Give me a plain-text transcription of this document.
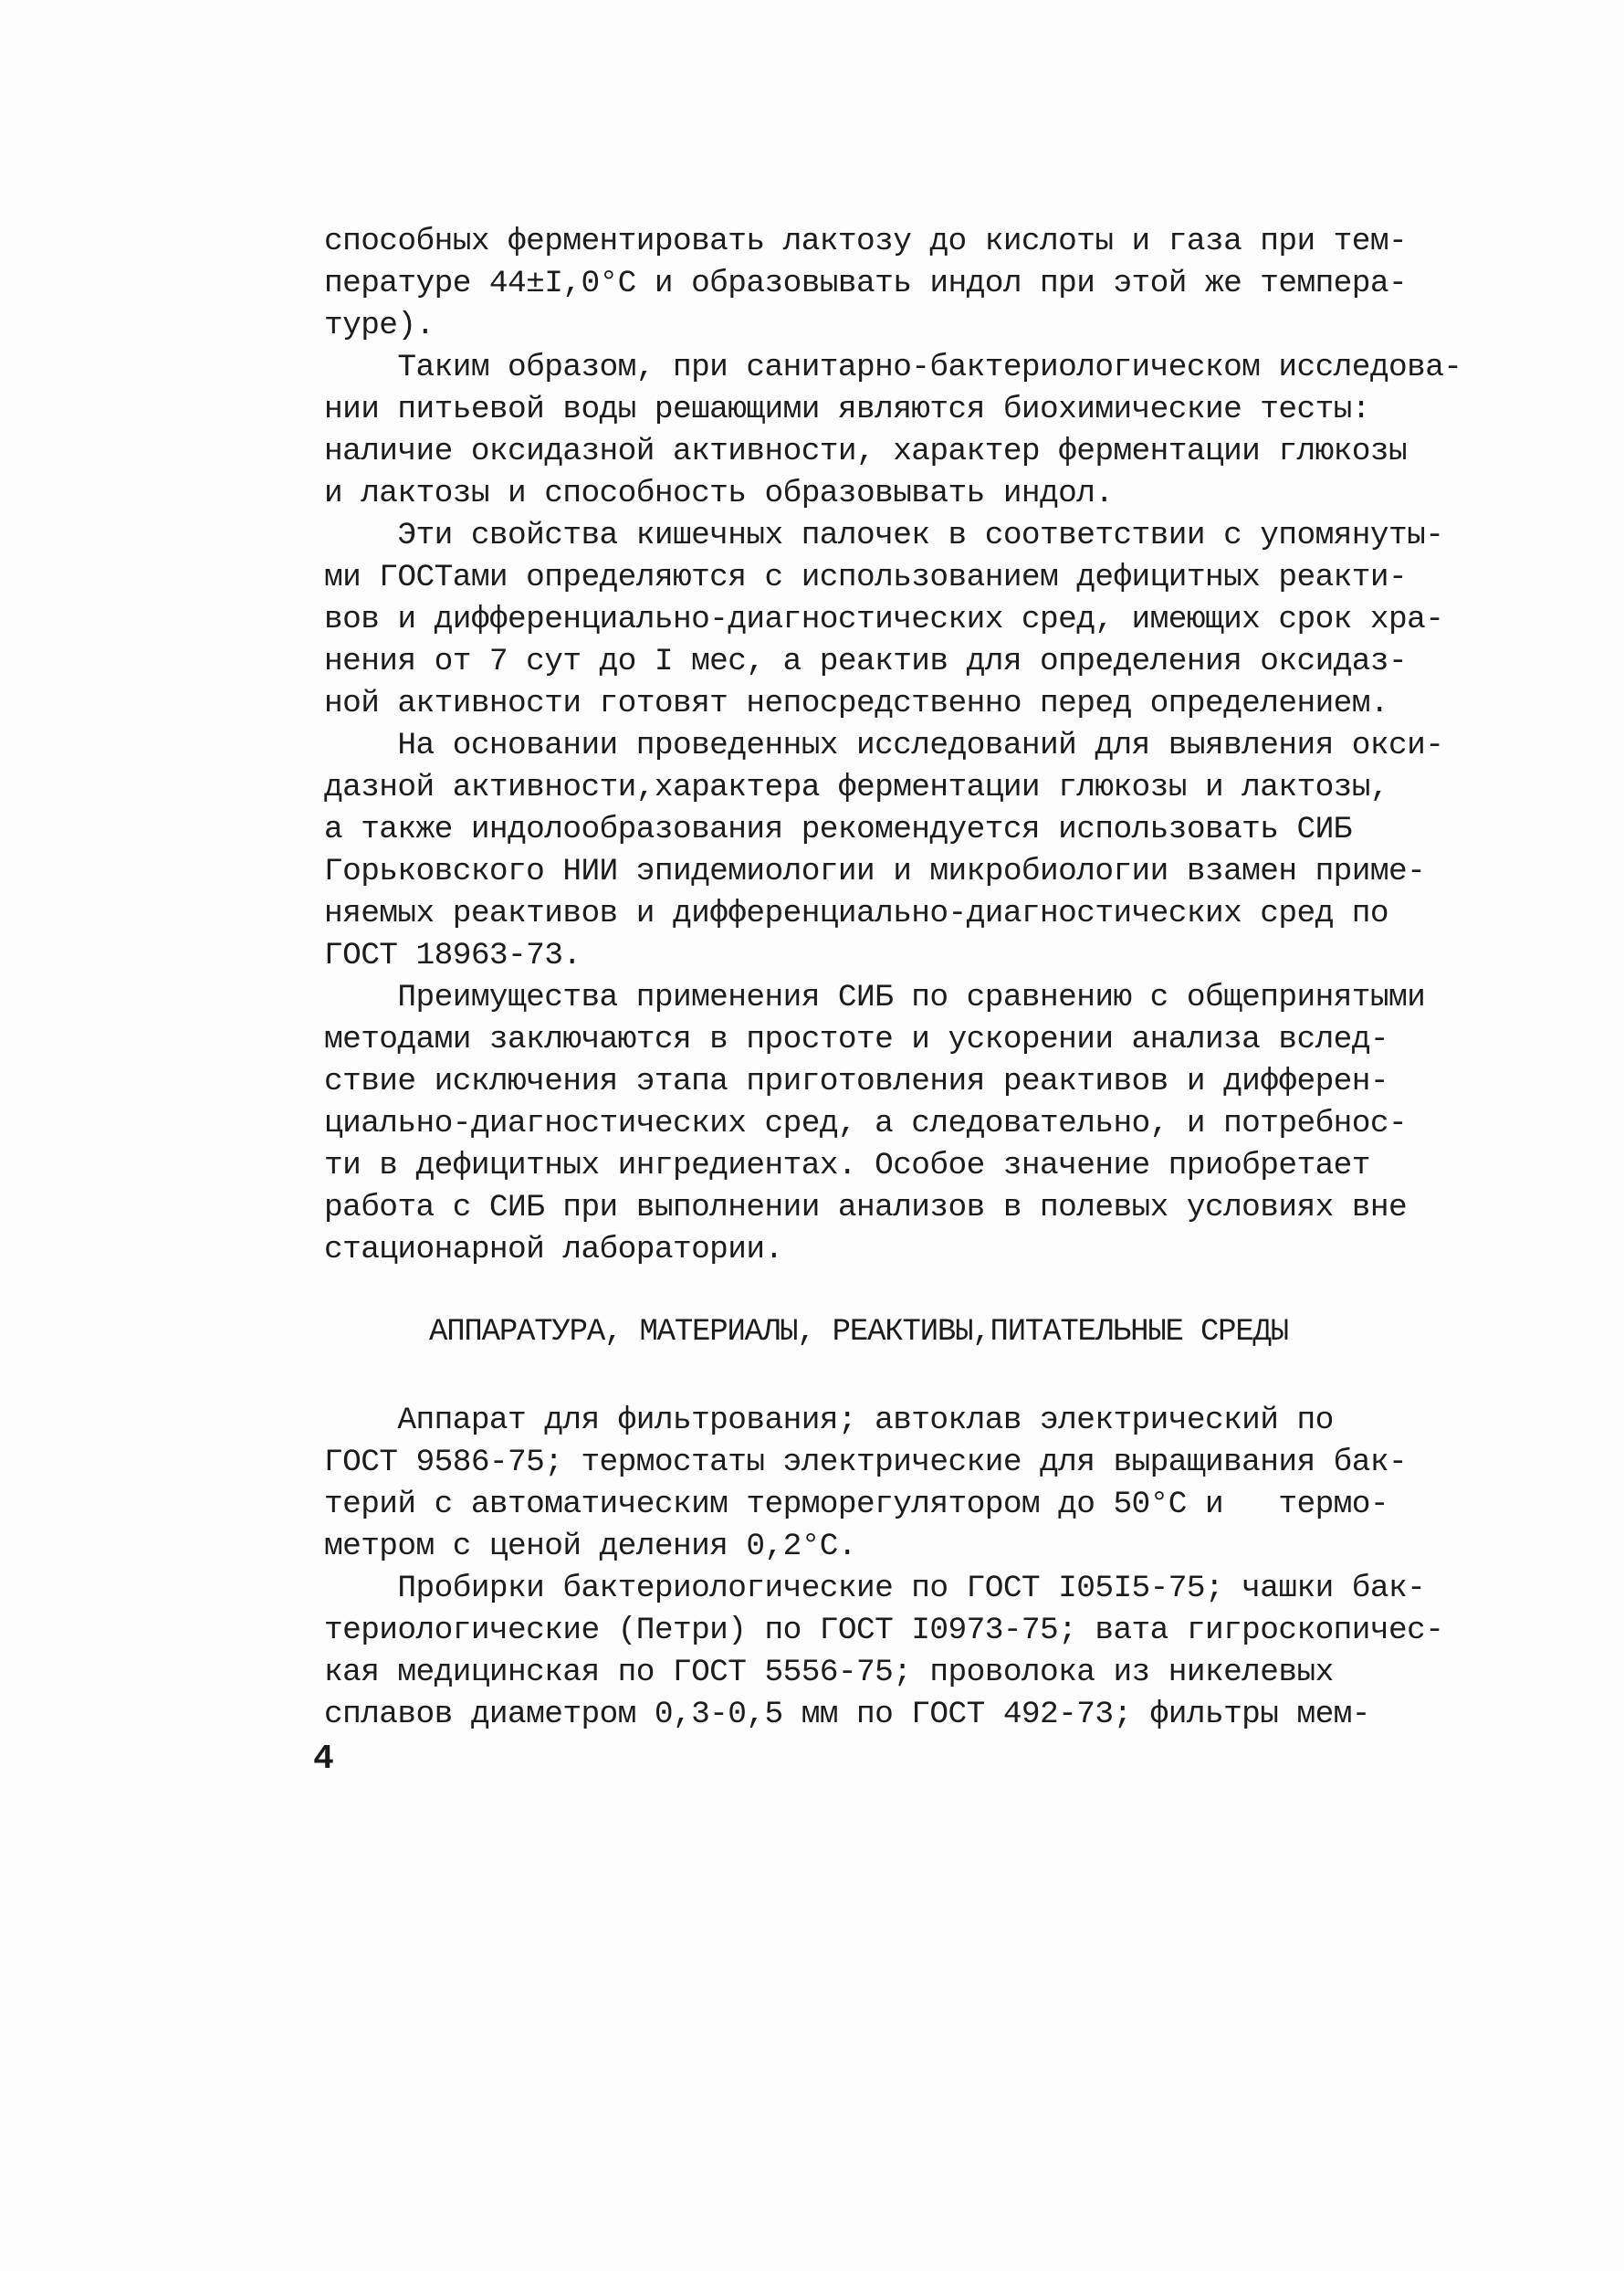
способных ферментировать лактозу до кислоты и газа при тем-
пературе 44±I,0°С и образовывать индол при этой же темпера-
туре).
Таким образом, при санитарно-бактериологическом исследова-
нии питьевой воды решающими являются биохимические тесты:
наличие оксидазной активности, характер ферментации глюкозы
и лактозы и способность образовывать индол.
Эти свойства кишечных палочек в соответствии с упомянуты-
ми ГОСТами определяются с использованием дефицитных реакти-
вов и дифференциально-диагностических сред, имеющих срок хра-
нения от 7 сут до I мес, а реактив для определения оксидаз-
ной активности готовят непосредственно перед определением.
На основании проведенных исследований для выявления окси-
дазной активности,характера ферментации глюкозы и лактозы,
а также индолообразования рекомендуется использовать СИБ
Горьковского НИИ эпидемиологии и микробиологии взамен приме-
няемых реактивов и дифференциально-диагностических сред по
ГОСТ 18963-73.
Преимущества применения СИБ по сравнению с общепринятыми
методами заключаются в простоте и ускорении анализа вслед-
ствие исключения этапа приготовления реактивов и дифферен-
циально-диагностических сред, а следовательно, и потребнос-
ти в дефицитных ингредиентах. Особое значение приобретает
работа с СИБ при выполнении анализов в полевых условиях вне
стационарной лаборатории.
АППАРАТУРА, МАТЕРИАЛЫ, РЕАКТИВЫ,ПИТАТЕЛЬНЫЕ СРЕДЫ
Аппарат для фильтрования; автоклав электрический по
ГОСТ 9586-75; термостаты электрические для выращивания бак-
терий с автоматическим терморегулятором до 50°С и   термо-
метром с ценой деления 0,2°С.
Пробирки бактериологические по ГОСТ I05I5-75; чашки бак-
териологические (Петри) по ГОСТ I0973-75; вата гигроскопичес-
кая медицинская по ГОСТ 5556-75; проволока из никелевых
сплавов диаметром 0,3-0,5 мм по ГОСТ 492-73; фильтры мем-
4
